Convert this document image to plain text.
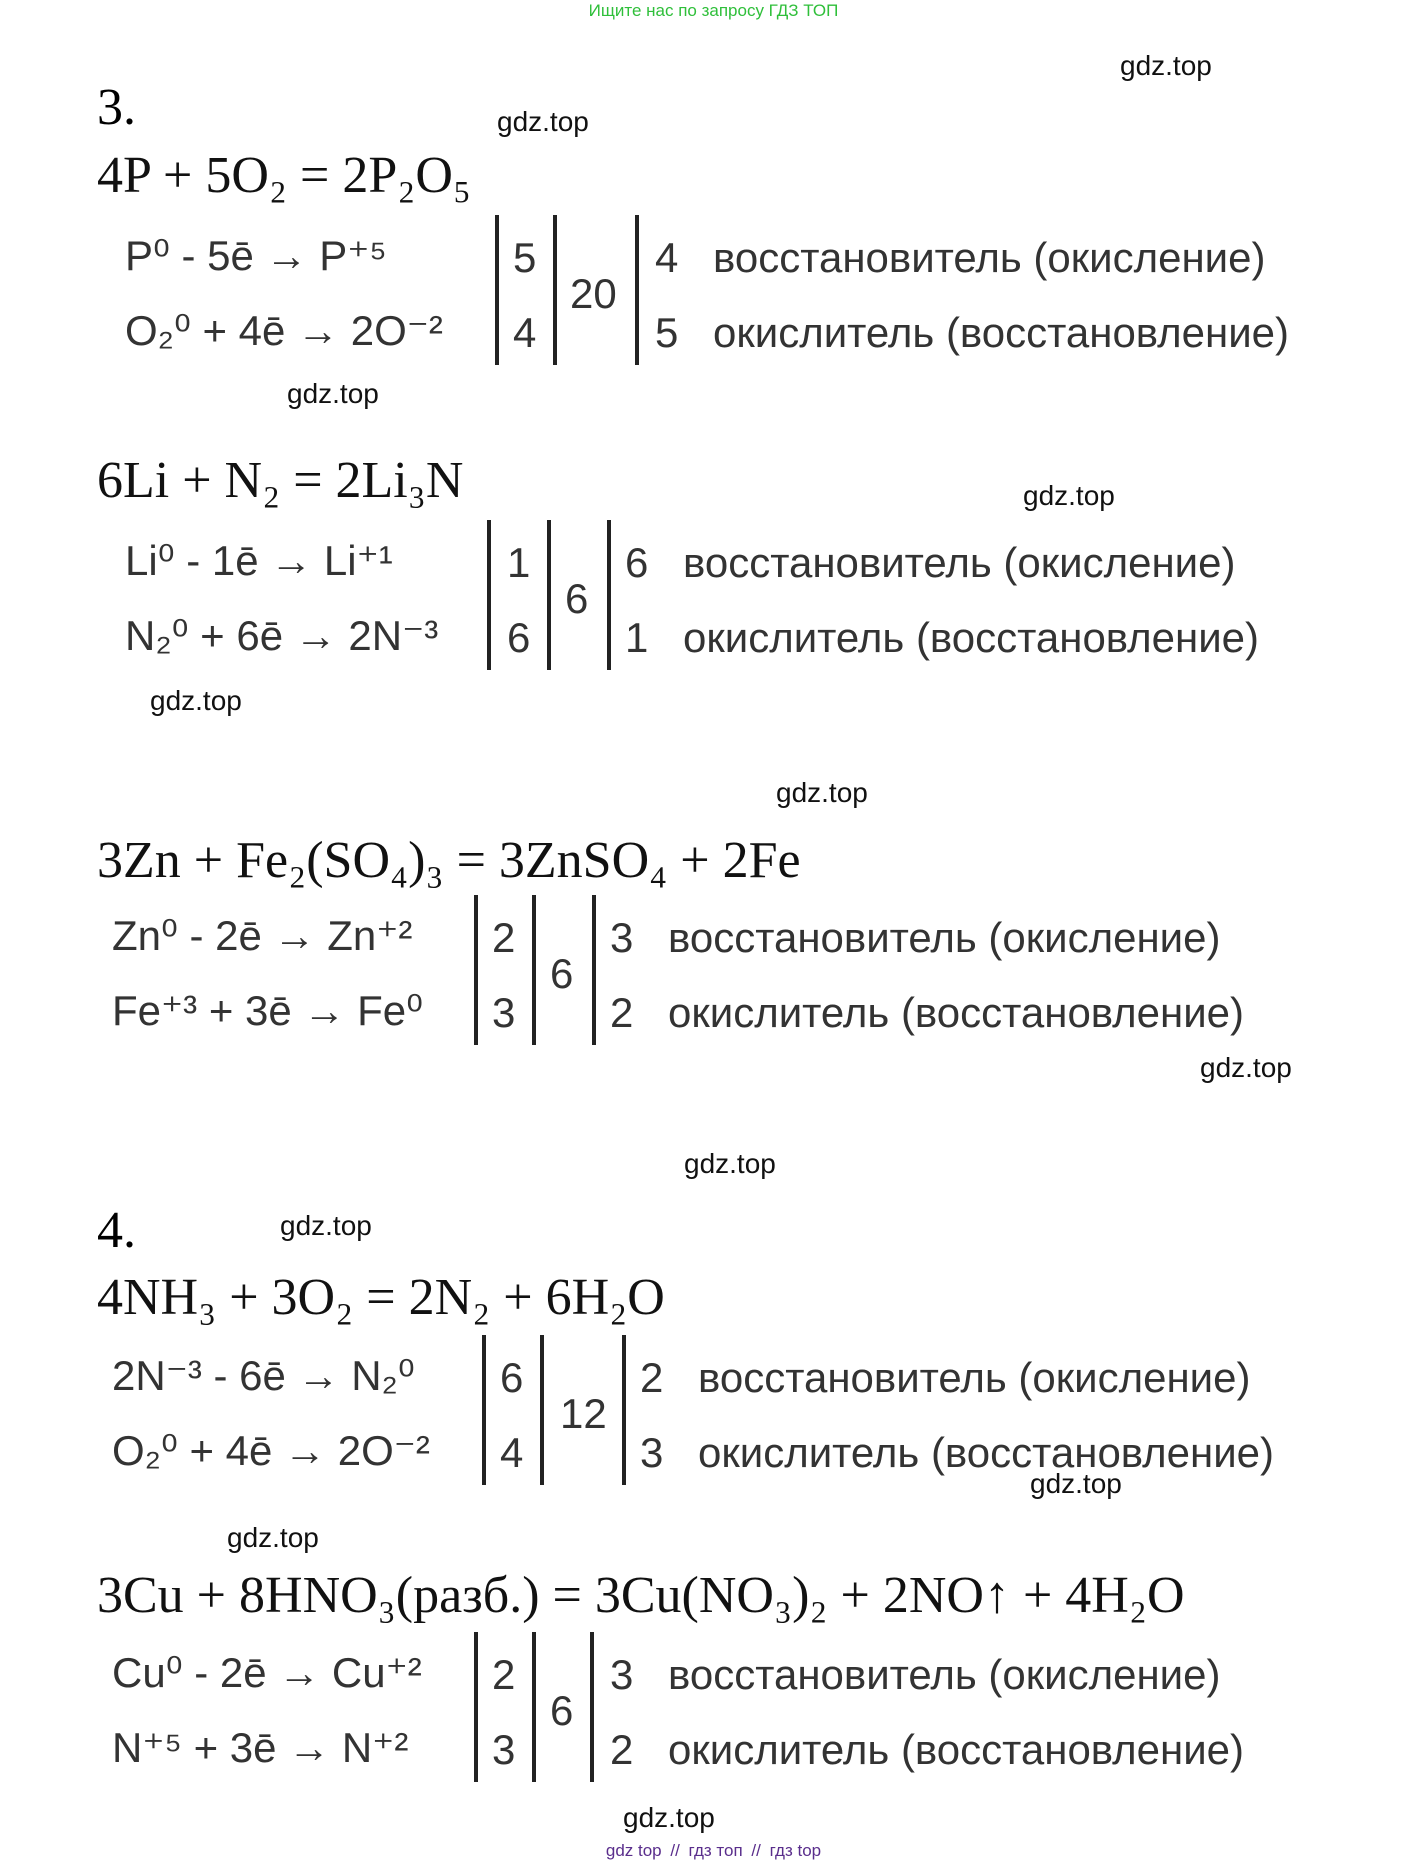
Ищите нас по запросу ГДЗ ТОП
gdz.top
gdz.top
gdz.top
gdz.top
gdz.top
gdz.top
gdz.top
gdz.top
gdz.top
gdz.top
gdz.top
gdz.top
3.
4P + 5O₂ = 2P₂O₅
P⁰ - 5ē → P⁺⁵
O₂⁰ + 4ē → 2O⁻²
5
4
20
4
5
восстановитель (окисление)
окислитель (восстановление)
6Li + N₂ = 2Li₃N
Li⁰ - 1ē → Li⁺¹
N₂⁰ + 6ē → 2N⁻³
1
6
6
6
1
восстановитель (окисление)
окислитель (восстановление)
3Zn + Fe₂(SO₄)₃ = 3ZnSO₄ + 2Fe
Zn⁰ - 2ē → Zn⁺²
Fe⁺³ + 3ē → Fe⁰
2
3
6
3
2
восстановитель (окисление)
окислитель (восстановление)
4.
4NH₃ + 3O₂ = 2N₂ + 6H₂O
2N⁻³ - 6ē → N₂⁰
O₂⁰ + 4ē → 2O⁻²
6
4
12
2
3
восстановитель (окисление)
окислитель (восстановление)
3Cu + 8HNO₃(разб.) = 3Cu(NO₃)₂ + 2NO↑ + 4H₂O
Cu⁰ - 2ē → Cu⁺²
N⁺⁵ + 3ē → N⁺²
2
3
6
3
2
восстановитель (окисление)
окислитель (восстановление)
gdz top // гдз топ // гдз top
